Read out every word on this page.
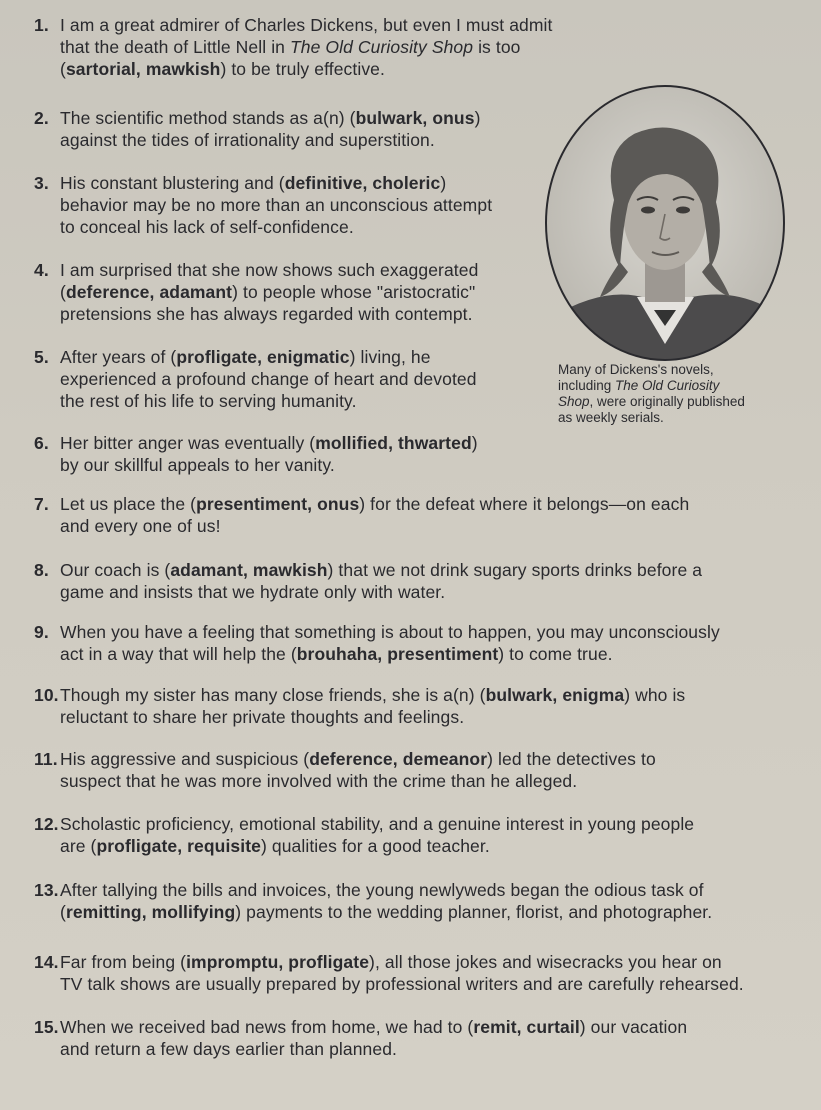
1. I am a great admirer of Charles Dickens, but even I must admit
that the death of Little Nell in The Old Curiosity Shop is too
(sartorial, mawkish) to be truly effective.
2. The scientific method stands as a(n) (bulwark, onus)
against the tides of irrationality and superstition.
3. His constant blustering and (definitive, choleric)
behavior may be no more than an unconscious attempt
to conceal his lack of self-confidence.
4. I am surprised that she now shows such exaggerated
(deference, adamant) to people whose "aristocratic"
pretensions she has always regarded with contempt.
5. After years of (profligate, enigmatic) living, he
experienced a profound change of heart and devoted
the rest of his life to serving humanity.
6. Her bitter anger was eventually (mollified, thwarted)
by our skillful appeals to her vanity.
7. Let us place the (presentiment, onus) for the defeat where it belongs—on each
and every one of us!
8. Our coach is (adamant, mawkish) that we not drink sugary sports drinks before a
game and insists that we hydrate only with water.
9. When you have a feeling that something is about to happen, you may unconsciously
act in a way that will help the (brouhaha, presentiment) to come true.
10. Though my sister has many close friends, she is a(n) (bulwark, enigma) who is
reluctant to share her private thoughts and feelings.
11. His aggressive and suspicious (deference, demeanor) led the detectives to
suspect that he was more involved with the crime than he alleged.
12. Scholastic proficiency, emotional stability, and a genuine interest in young people
are (profligate, requisite) qualities for a good teacher.
13. After tallying the bills and invoices, the young newlyweds began the odious task of
(remitting, mollifying) payments to the wedding planner, florist, and photographer.
14. Far from being (impromptu, profligate), all those jokes and wisecracks you hear on
TV talk shows are usually prepared by professional writers and are carefully rehearsed.
15. When we received bad news from home, we had to (remit, curtail) our vacation
and return a few days earlier than planned.
Many of Dickens's novels,
including The Old Curiosity
Shop, were originally published
as weekly serials.
